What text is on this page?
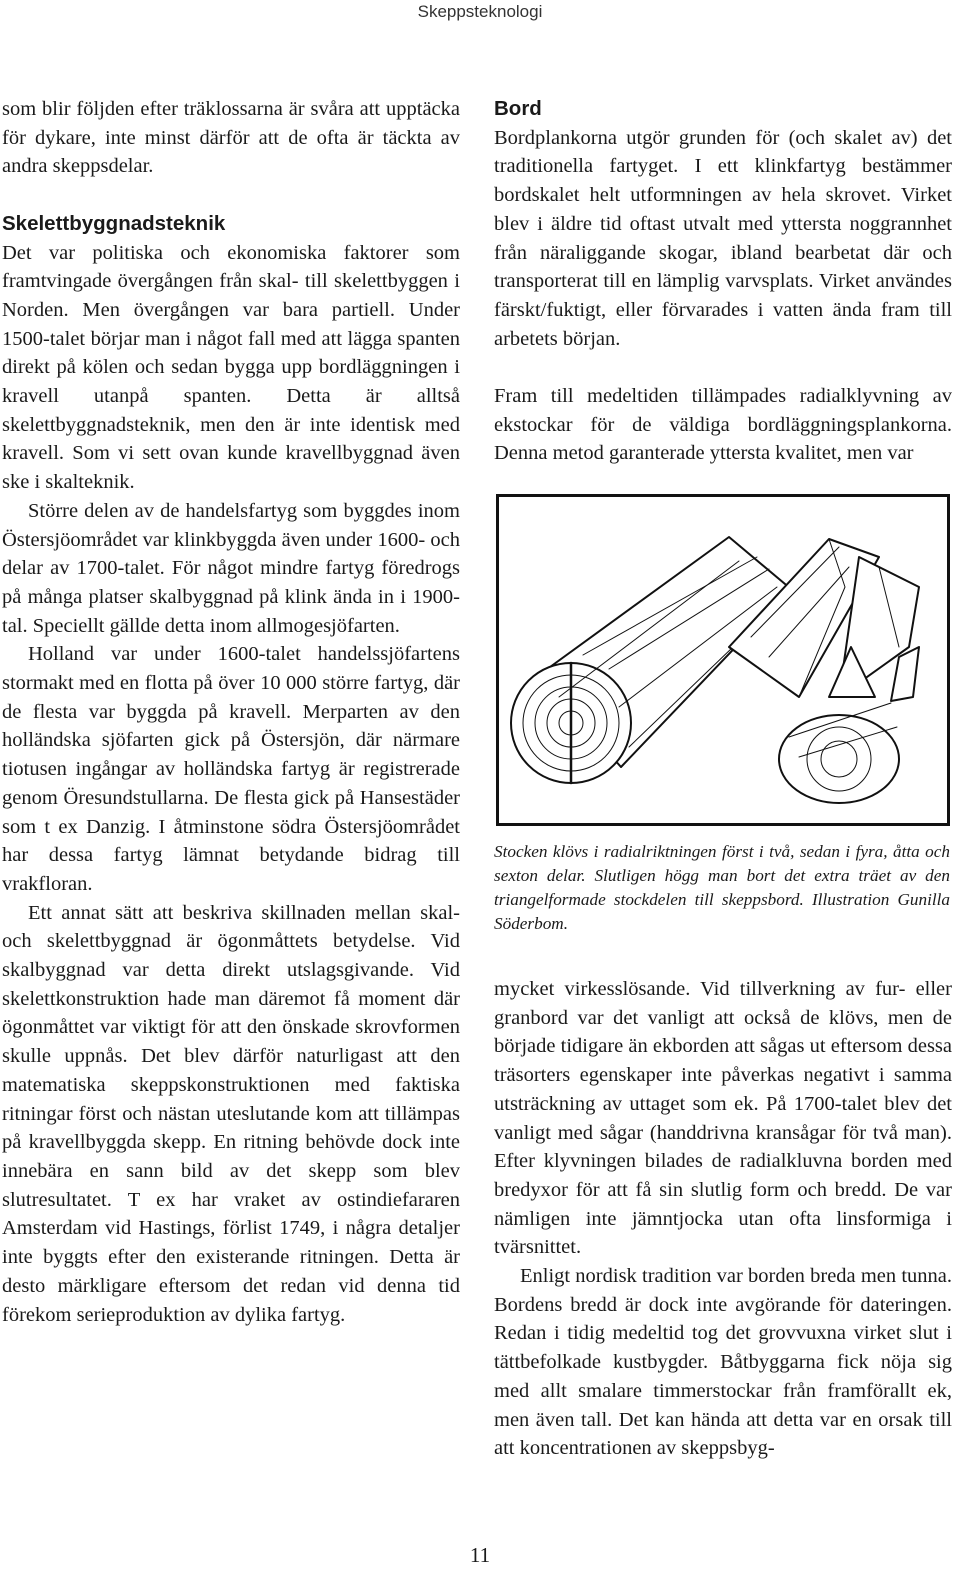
Skeppsteknologi

som blir följden efter träklossarna är svåra att upptäcka för dykare, inte minst därför att de ofta är täckta av andra skeppsdelar.

Skelettbyggnadsteknik

Det var politiska och ekonomiska faktorer som framtvingade övergången från skal- till skelettbyggen i Norden. Men övergången var bara partiell. Under 1500-talet börjar man i något fall med att lägga spanten direkt på kölen och sedan bygga upp bordläggningen i kravell utanpå spanten. Detta är alltså skelettbyggnadsteknik, men den är inte identisk med kravell. Som vi sett ovan kunde kravellbyggnad även ske i skalteknik.

Större delen av de handelsfartyg som byggdes inom Östersjöområdet var klinkbyggda även under 1600- och delar av 1700-talet. För något mindre fartyg föredrogs på många platser skalbyggnad på klink ända in i 1900-tal. Speciellt gällde detta inom allmogesjöfarten.

Holland var under 1600-talet handelssjöfartens stormakt med en flotta på över 10 000 större fartyg, där de flesta var byggda på kravell. Merparten av den holländska sjöfarten gick på Östersjön, där närmare tiotusen ingångar av holländska fartyg är registrerade genom Öresundstullarna. De flesta gick på Hansestäder som t ex Danzig. I åtminstone södra Östersjöområdet har dessa fartyg lämnat betydande bidrag till vrakfloran.

Ett annat sätt att beskriva skillnaden mellan skal- och skelettbyggnad är ögonmåttets betydelse. Vid skalbyggnad var detta direkt utslagsgivande. Vid skelettkonstruktion hade man däremot få moment där ögonmåttet var viktigt för att den önskade skrovformen skulle uppnås. Det blev därför naturligast att den matematiska skeppskonstruktionen med faktiska ritningar först och nästan uteslutande kom att tillämpas på kravellbyggda skepp. En ritning behövde dock inte innebära en sann bild av det skepp som blev slutresultatet. T ex har vraket av ostindiefararen Amsterdam vid Hastings, förlist 1749, i några detaljer inte byggts efter den existerande ritningen. Detta är desto märkligare eftersom det redan vid denna tid förekom serieproduktion av dylika fartyg.

Bord

Bordplankorna utgör grunden för (och skalet av) det traditionella fartyget. I ett klinkfartyg bestämmer bordskalet helt utformningen av hela skrovet. Virket blev i äldre tid oftast utvalt med yttersta noggrannhet från näraliggande skogar, ibland bearbetat där och transporterat till en lämplig varvsplats. Virket användes färskt/fuktigt, eller förvarades i vatten ända fram till arbetets början.

Fram till medeltiden tillämpades radialklyvning av ekstockar för de väldiga bordläggningsplankorna. Denna metod garanterade yttersta kvalitet, men var

Stocken klövs i radialriktningen först i två, sedan i fyra, åtta och sexton delar. Slutligen högg man bort det extra träet av den triangelformade stockdelen till skeppsbord. Illustration Gunilla Söderbom.

mycket virkesslösande. Vid tillverkning av fur- eller granbord var det vanligt att också de klövs, men de började tidigare än ekborden att sågas ut eftersom dessa träsorters egenskaper inte påverkas negativt i samma utsträckning av uttaget som ek. På 1700-talet blev det vanligt med sågar (handdrivna kransågar för två man). Efter klyvningen bilades de radialkluvna borden med bredyxor för att få sin slutlig form och bredd. De var nämligen inte jämntjocka utan ofta linsformiga i tvärsnittet.

Enligt nordisk tradition var borden breda men tunna. Bordens bredd är dock inte avgörande för dateringen. Redan i tidig medeltid tog det grovvuxna virket slut i tättbefolkade kustbygder. Båtbyggarna fick nöja sig med allt smalare timmerstockar från framförallt ek, men även tall. Det kan hända att detta var en orsak till att koncentrationen av skeppsbyg-

11
